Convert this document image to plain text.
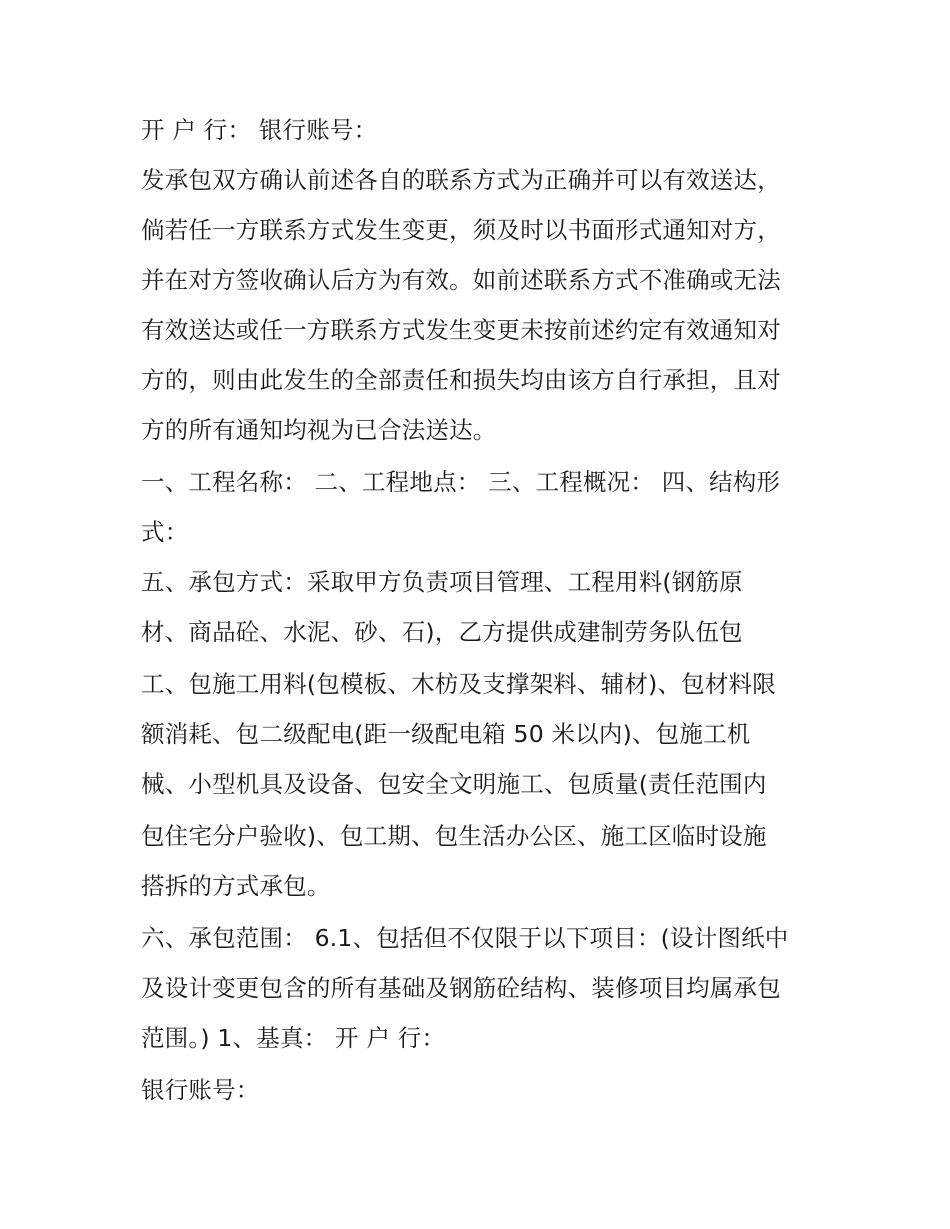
开 户 行： 银行账号：
发承包双方确认前述各自的联系方式为正确并可以有效送达，
倘若任一方联系方式发生变更，须及时以书面形式通知对方，
并在对方签收确认后方为有效。如前述联系方式不准确或无法
有效送达或任一方联系方式发生变更未按前述约定有效通知对
方的，则由此发生的全部责任和损失均由该方自行承担，且对
方的所有通知均视为已合法送达。
一、工程名称： 二、工程地点： 三、工程概况： 四、结构形
式：
五、承包方式：采取甲方负责项目管理、工程用料(钢筋原
材、商品砼、水泥、砂、石)，乙方提供成建制劳务队伍包
工、包施工用料(包模板、木枋及支撑架料、辅材)、包材料限
额消耗、包二级配电(距一级配电箱 50 米以内)、包施工机
械、小型机具及设备、包安全文明施工、包质量(责任范围内
包住宅分户验收)、包工期、包生活办公区、施工区临时设施
搭拆的方式承包。
六、承包范围： 6.1、包括但不仅限于以下项目：(设计图纸中
及设计变更包含的所有基础及钢筋砼结构、装修项目均属承包
范围。) 1、基真： 开 户 行：
银行账号：
